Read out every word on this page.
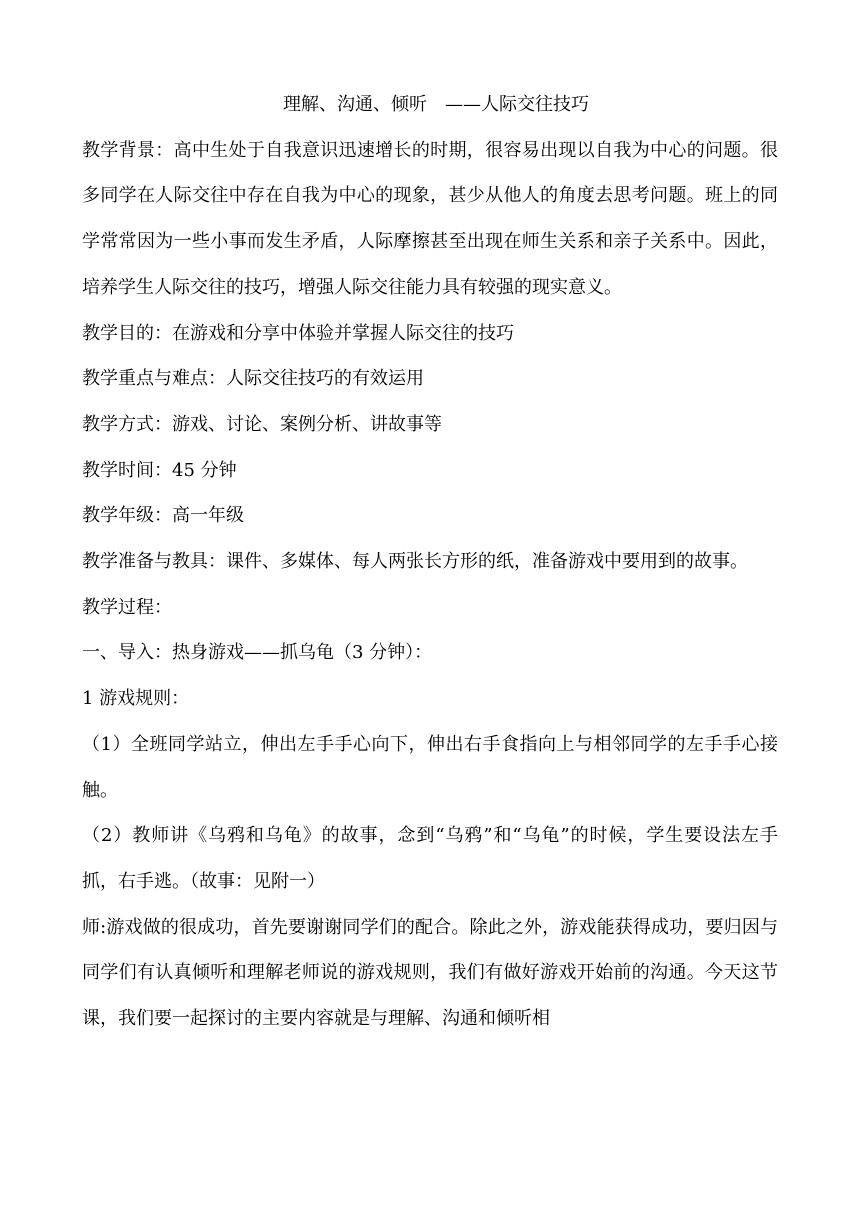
理解、沟通、倾听　——人际交往技巧

教学背景：高中生处于自我意识迅速增长的时期，很容易出现以自我为中心的问题。很多同学在人际交往中存在自我为中心的现象，甚少从他人的角度去思考问题。班上的同学常常因为一些小事而发生矛盾，人际摩擦甚至出现在师生关系和亲子关系中。因此，培养学生人际交往的技巧，增强人际交往能力具有较强的现实意义。

教学目的：在游戏和分享中体验并掌握人际交往的技巧

教学重点与难点：人际交往技巧的有效运用

教学方式：游戏、讨论、案例分析、讲故事等

教学时间：45 分钟

教学年级：高一年级

教学准备与教具：课件、多媒体、每人两张长方形的纸，准备游戏中要用到的故事。

教学过程：

一、导入：热身游戏——抓乌龟（3 分钟）：

1 游戏规则：

（1）全班同学站立，伸出左手手心向下，伸出右手食指向上与相邻同学的左手手心接触。

（2）教师讲《乌鸦和乌龟》的故事，念到“乌鸦”和“乌龟”的时候，学生要设法左手抓，右手逃。（故事：见附一）

师:游戏做的很成功，首先要谢谢同学们的配合。除此之外，游戏能获得成功，要归因与同学们有认真倾听和理解老师说的游戏规则，我们有做好游戏开始前的沟通。今天这节课，我们要一起探讨的主要内容就是与理解、沟通和倾听相
